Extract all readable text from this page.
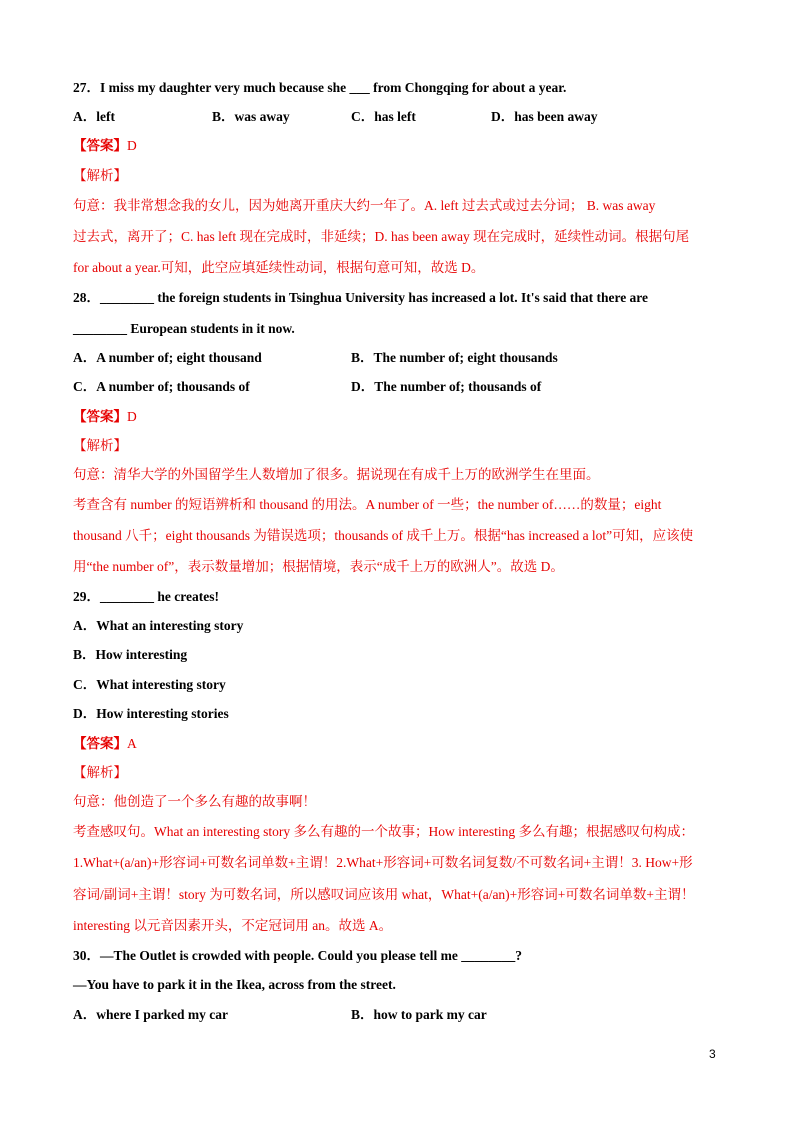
27．I miss my daughter very much because she ___ from Chongqing for about a year.
A．left	B．was away	C．has left	D．has been away
【答案】D
【解析】
句意：我非常想念我的女儿，因为她离开重庆大约一年了。A. left 过去式或过去分词； B. was away
过去式，离开了；C. has left 现在完成时，非延续；D. has been away 现在完成时，延续性动词。根据句尾
for about a year.可知，此空应填延续性动词，根据句意可知，故选 D。
28．________ the foreign students in Tsinghua University has increased a lot. It's said that there are
________ European students in it now.
A．A number of; eight thousand	B．The number of; eight thousands
C．A number of; thousands of	D．The number of; thousands of
【答案】D
【解析】
句意：清华大学的外国留学生人数增加了很多。据说现在有成千上万的欧洲学生在里面。
考查含有 number 的短语辨析和 thousand 的用法。A number of 一些；the number of……的数量；eight
thousand 八千；eight thousands 为错误选项；thousands of 成千上万。根据“has increased a lot”可知，应该使
用“the number of”，表示数量增加；根据情境，表示“成千上万的欧洲人”。故选 D。
29．________ he creates!
A．What an interesting story
B．How interesting
C．What interesting story
D．How interesting stories
【答案】A
【解析】
句意：他创造了一个多么有趣的故事啊！
考查感叹句。What an interesting story 多么有趣的一个故事；How interesting 多么有趣；根据感叹句构成：
1.What+(a/an)+形容词+可数名词单数+主谓！2.What+形容词+可数名词复数/不可数名词+主谓！3. How+形
容词/副词+主谓！story 为可数名词，所以感叹词应该用 what，What+(a/an)+形容词+可数名词单数+主谓！
interesting 以元音因素开头，不定冠词用 an。故选 A。
30．—The Outlet is crowded with people. Could you please tell me ________?
—You have to park it in the Ikea, across from the street.
A．where I parked my car	B．how to park my car
3
